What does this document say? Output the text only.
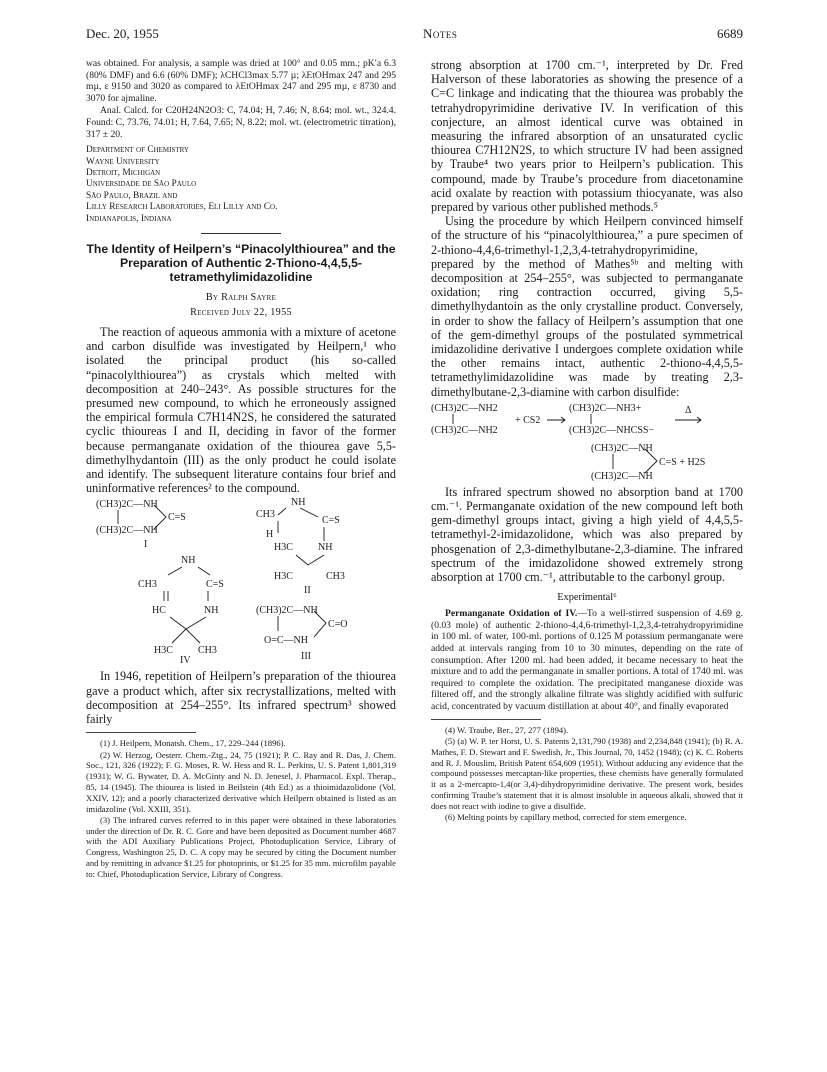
Dec. 20, 1955	Notes	6689

was obtained. For analysis, a sample was dried at 100° and 0.05 mm.; pK′a 6.3 (80% DMF) and 6.6 (60% DMF); λCHCl3max 5.77 µ; λEtOHmax 247 and 295 mµ, ε 9150 and 3020 as compared to λEtOHmax 247 and 295 mµ, ε 8730 and 3070 for ajmaline.

Anal. Calcd. for C20H24N2O3: C, 74.04; H, 7.46; N, 8.64; mol. wt., 324.4. Found: C, 73.76, 74.01; H, 7.64, 7.65; N, 8.22; mol. wt. (electrometric titration), 317 ± 20.

Department of Chemistry
Wayne University
Detroit, Michigan
Universidade de São Paulo
São Paulo, Brazil and
Lilly Research Laboratories, Eli Lilly and Co.
Indianapolis, Indiana
The Identity of Heilpern’s “Pinacolylthiourea” and the Preparation of Authentic 2-Thiono-4,4,5,5-tetramethylimidazolidine
By Ralph Sayre
Received July 22, 1955

The reaction of aqueous ammonia with a mixture of acetone and carbon disulfide was investigated by Heilpern,¹ who isolated the principal product (his so-called “pinacolylthiourea”) as crystals which melted with decomposition at 240–243°. As possible structures for the presumed new compound, to which he erroneously assigned the empirical formula C7H14N2S, he considered the saturated cyclic thioureas I and II, deciding in favor of the former because permanganate oxidation of the thiourea gave 5,5-dimethylhydantoin (III) as the only product he could isolate and identify. The subsequent literature contains four brief and uninformative references² to the compound.

(CH3)2C—NH
(CH3)2C—NH
C=S
I
NH
CH3
C=S
H
H3C	NH
H3C	CH3
II
NH
CH3	C=S
HC	NH
H3C	CH3
IV
(CH3)2C—NH
C=O
O=C—NH
III

In 1946, repetition of Heilpern’s preparation of the thiourea gave a product which, after six recrystallizations, melted with decomposition at 254–255°. Its infrared spectrum³ showed fairly

(1) J. Heilpern, Monatsh. Chem., 17, 229–244 (1896).

(2) W. Herzog, Oesterr. Chem.-Ztg., 24, 75 (1921); P. C. Ray and R. Das, J. Chem. Soc., 121, 326 (1922); F. G. Moses, R. W. Hess and R. L. Perkins, U. S. Patent 1,801,319 (1931); W. G. Bywater, D. A. McGinty and N. D. Jenesel, J. Pharmacol. Expl. Therap., 85, 14 (1945). The thiourea is listed in Beilstein (4th Ed.) as a thioimidazolidone (Vol. XXIV, 12); and a poorly characterized derivative which Heilpern obtained is listed as an imidazoline (Vol. XXIII, 351).

(3) The infrared curves referred to in this paper were obtained in these laboratories under the direction of Dr. R. C. Gore and have been deposited as Document number 4687 with the ADI Auxiliary Publications Project, Photoduplication Service, Library of Congress, Washington 25, D. C. A copy may be secured by citing the Document number and by remitting in advance $1.25 for photoprints, or $1.25 for 35 mm. microfilm payable to: Chief, Photoduplication Service, Library of Congress.

strong absorption at 1700 cm.⁻¹, interpreted by Dr. Fred Halverson of these laboratories as showing the presence of a C=C linkage and indicating that the thiourea was probably the tetrahydropyrimidine derivative IV. In verification of this conjecture, an almost identical curve was obtained in measuring the infrared absorption of an unsaturated cyclic thiourea C7H12N2S, to which structure IV had been assigned by Traube⁴ two years prior to Heilpern’s publication. This compound, made by Traube’s procedure from diacetonamine acid oxalate by reaction with potassium thiocyanate, was also prepared by various other published methods.⁵

Using the procedure by which Heilpern convinced himself of the structure of his “pinacolylthiourea,” a pure specimen of 2-thiono-4,4,6-trimethyl-1,2,3,4-tetrahydropyrimidine, prepared by the method of Mathes⁵ᵇ and melting with decomposition at 254–255°, was subjected to permanganate oxidation; ring contraction occurred, giving 5,5-dimethylhydantoin as the only crystalline product. Conversely, in order to show the fallacy of Heilpern’s assumption that one of the gem-dimethyl groups of the postulated symmetrical imidazolidine derivative I undergoes complete oxidation while the other remains intact, authentic 2-thiono-4,4,5,5-tetramethylimidazolidine was made by treating 2,3-dimethylbutane-2,3-diamine with carbon disulfide:

(CH3)2C—NH2
(CH3)2C—NH2
+ CS2
(CH3)2C—NH3+
(CH3)2C—NHCSS−
Δ
(CH3)2C—NH
C=S + H2S
(CH3)2C—NH

Its infrared spectrum showed no absorption band at 1700 cm.⁻¹. Permanganate oxidation of the new compound left both gem-dimethyl groups intact, giving a high yield of 4,4,5,5-tetramethyl-2-imidazolidone, which was also prepared by phosgenation of 2,3-dimethylbutane-2,3-diamine. The infrared spectrum of the imidazolidone showed extremely strong absorption at 1700 cm.⁻¹, attributable to the carbonyl group.

Experimental⁶

Permanganate Oxidation of IV.—To a well-stirred suspension of 4.69 g. (0.03 mole) of authentic 2-thiono-4,4,6-trimethyl-1,2,3,4-tetrahydropyrimidine in 100 ml. of water, 100-ml. portions of 0.125 M potassium permanganate were added at intervals ranging from 10 to 30 minutes, depending on the rate of consumption. After 1200 ml. had been added, it became necessary to heat the mixture and to add the permanganate in smaller portions. A total of 1740 ml. was required to complete the oxidation. The precipitated manganese dioxide was filtered off, and the strongly alkaline filtrate was slightly acidified with sulfuric acid, concentrated by vacuum distillation at about 40°, and finally evaporated

(4) W. Traube, Ber., 27, 277 (1894).

(5) (a) W. P. ter Horst, U. S. Patents 2,131,790 (1938) and 2,234,848 (1941); (b) R. A. Mathes, F. D. Stewart and F. Swedish, Jr., This Journal, 70, 1452 (1948); (c) K. C. Roberts and R. J. Mouslim, British Patent 654,609 (1951). Without adducing any evidence that the compound possesses mercaptan-like properties, these chemists have generally formulated it as a 2-mercapto-1,4(or 3,4)-dihydropyrimidine derivative. The present work, besides confirming Traube’s statement that it is almost insoluble in aqueous alkali, showed that it does not react with iodine to give a disulfide.

(6) Melting points by capillary method, corrected for stem emergence.
